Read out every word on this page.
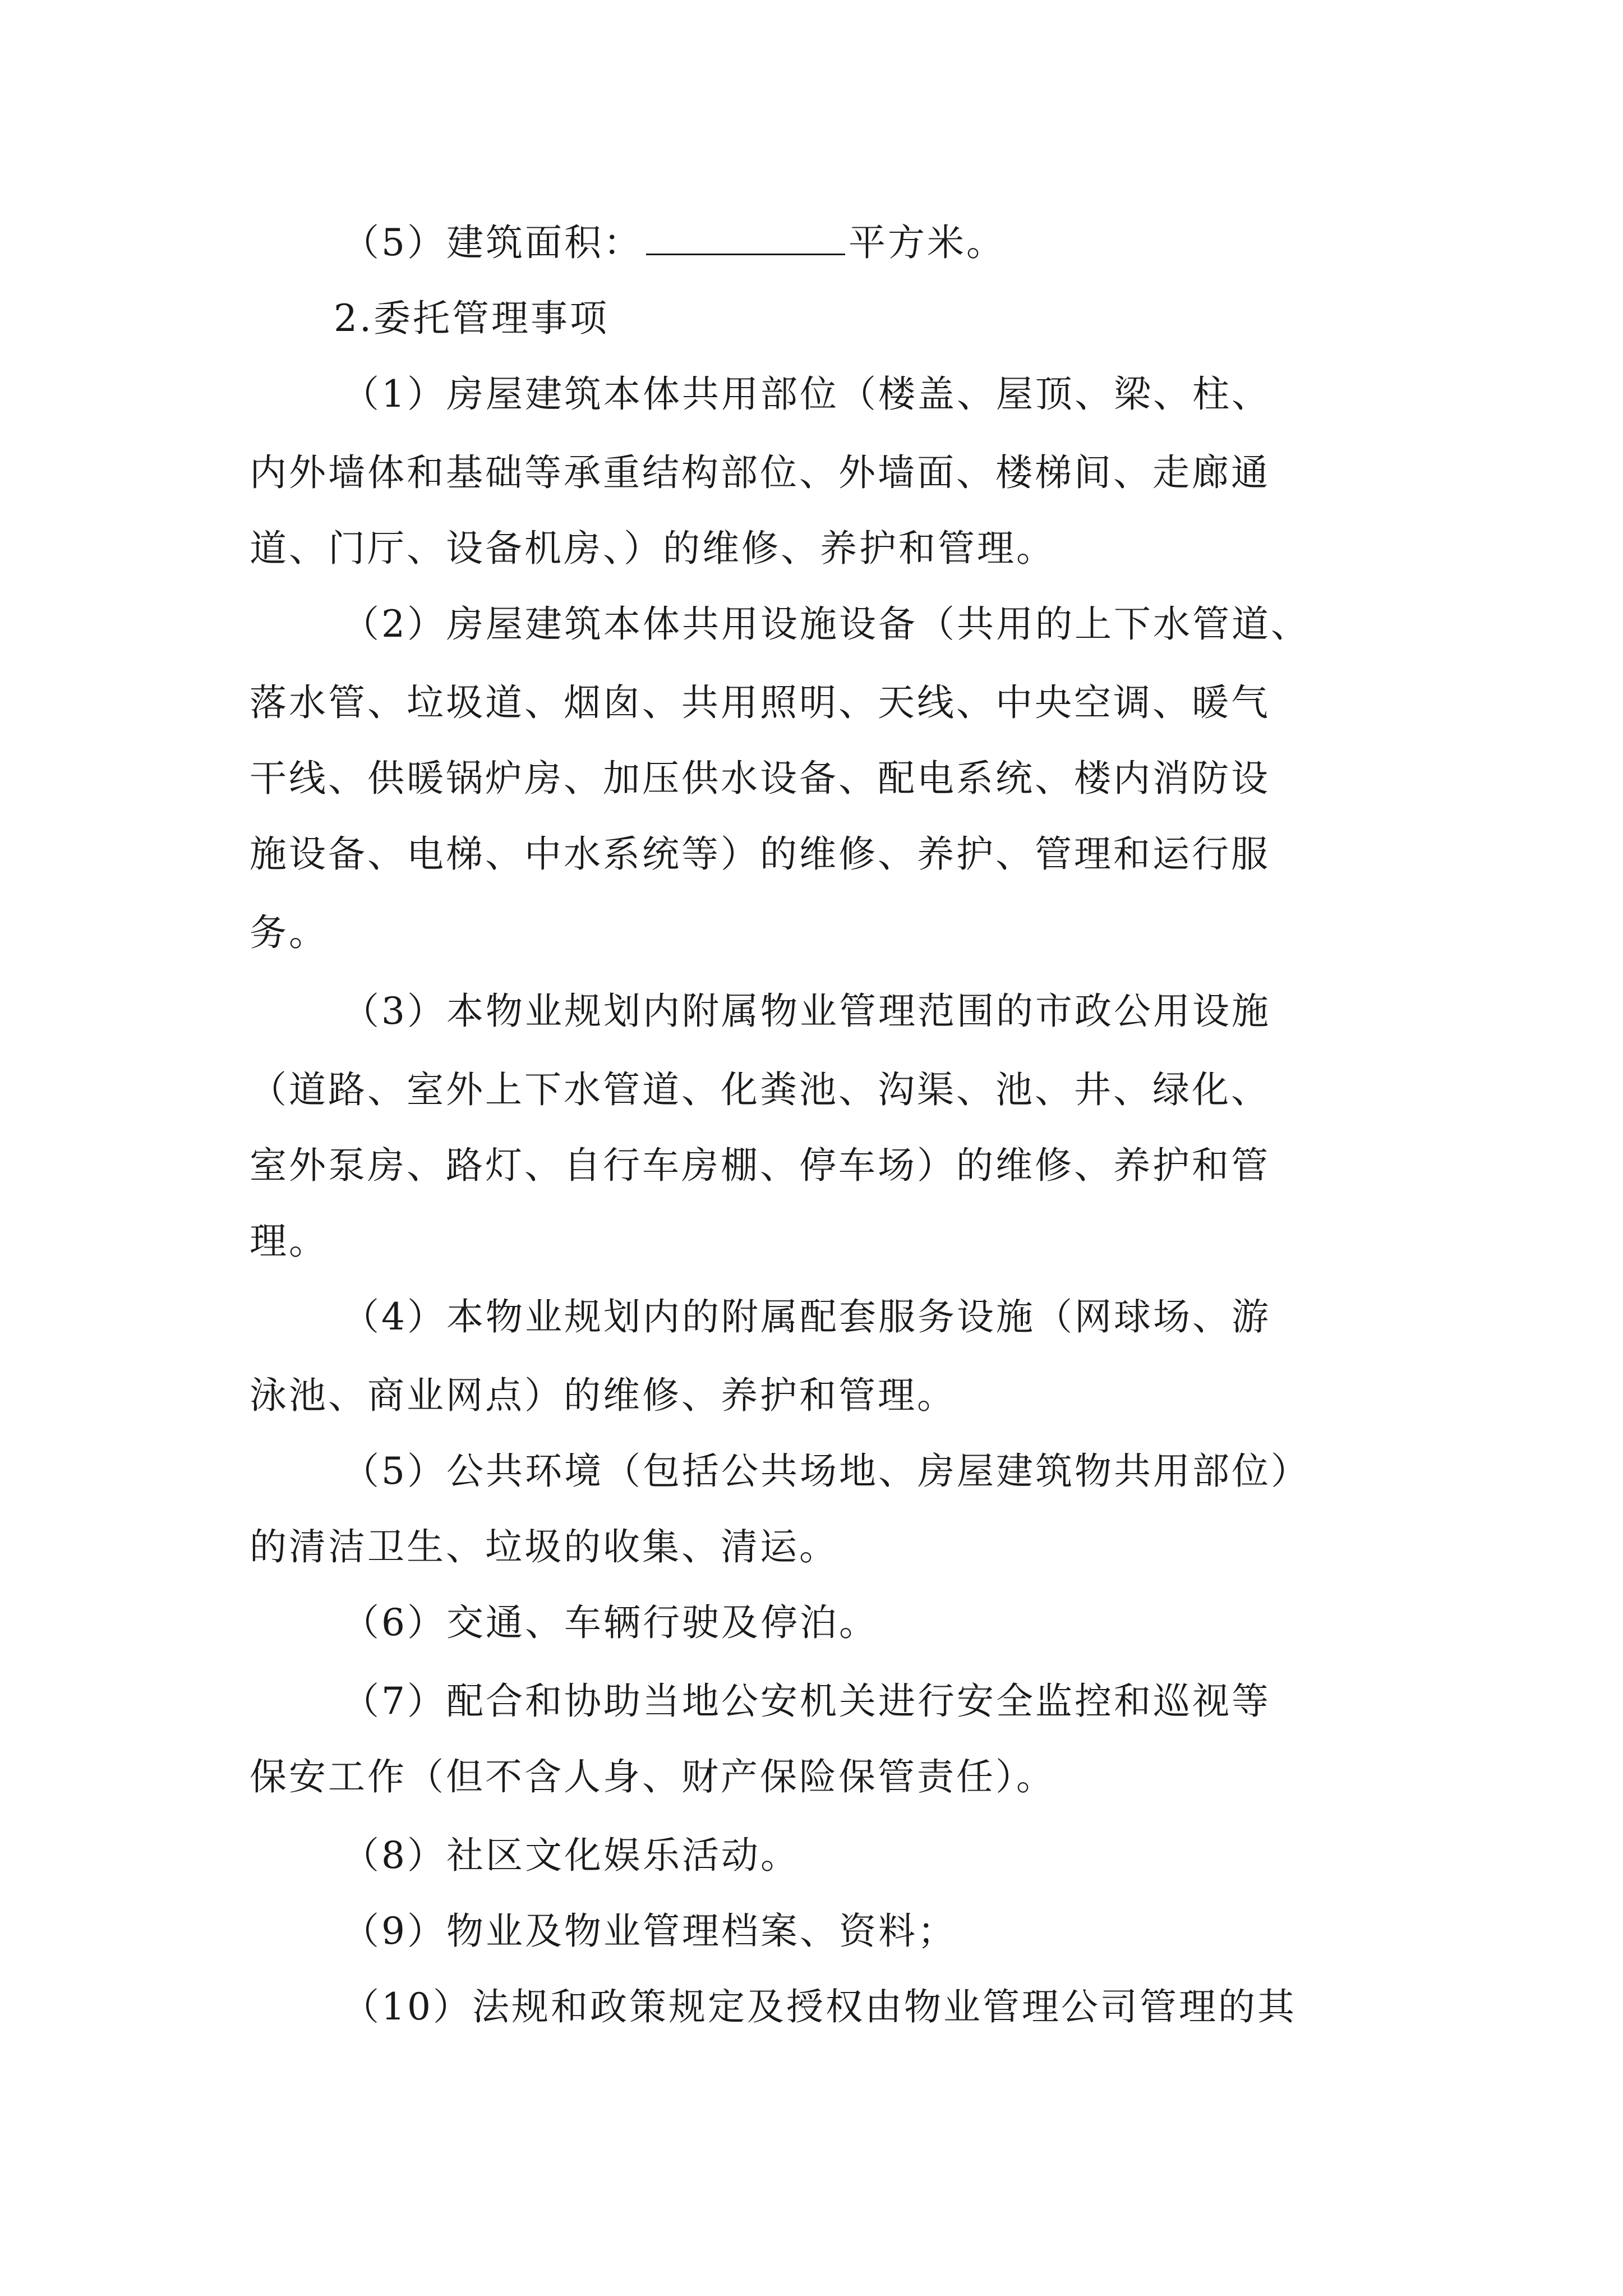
（5）建筑面积：	平方米。
2.委托管理事项
（1）房屋建筑本体共用部位（楼盖、屋顶、梁、柱、
内外墙体和基础等承重结构部位、外墙面、楼梯间、走廊通
道、门厅、设备机房、）的维修、养护和管理。
（2）房屋建筑本体共用设施设备（共用的上下水管道、
落水管、垃圾道、烟囱、共用照明、天线、中央空调、暖气
干线、供暖锅炉房、加压供水设备、配电系统、楼内消防设
施设备、电梯、中水系统等）的维修、养护、管理和运行服
务。
（3）本物业规划内附属物业管理范围的市政公用设施
（道路、室外上下水管道、化粪池、沟渠、池、井、绿化、
室外泵房、路灯、自行车房棚、停车场）的维修、养护和管
理。
（4）本物业规划内的附属配套服务设施（网球场、游
泳池、商业网点）的维修、养护和管理。
（5）公共环境（包括公共场地、房屋建筑物共用部位）
的清洁卫生、垃圾的收集、清运。
（6）交通、车辆行驶及停泊。
（7）配合和协助当地公安机关进行安全监控和巡视等
保安工作（但不含人身、财产保险保管责任）。
（8）社区文化娱乐活动。
（9）物业及物业管理档案、资料；
（10）法规和政策规定及授权由物业管理公司管理的其
